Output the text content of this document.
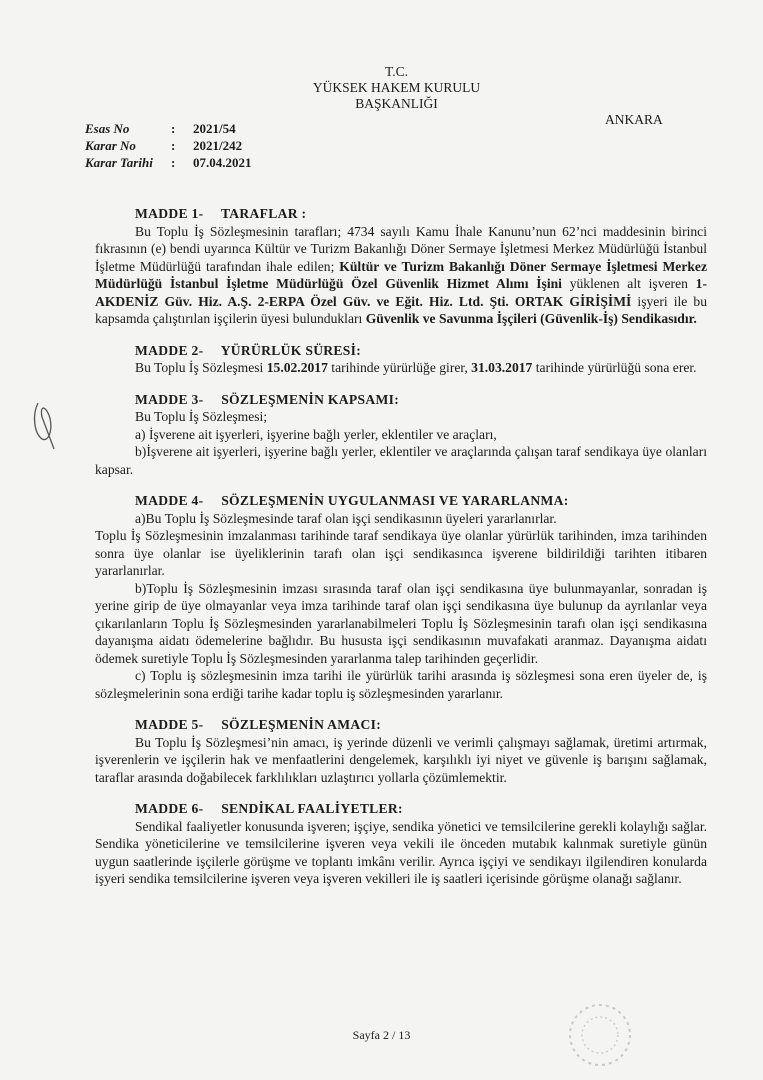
T.C.
YÜKSEK HAKEM KURULU
BAŞKANLIĞI
ANKARA
Esas No	:	2021/54
Karar No	:	2021/242
Karar Tarihi	:	07.04.2021
MADDE 1- TARAFLAR :

Bu Toplu İş Sözleşmesinin tarafları; 4734 sayılı Kamu İhale Kanunu’nun 62’nci maddesinin birinci fıkrasının (e) bendi uyarınca Kültür ve Turizm Bakanlığı Döner Sermaye İşletmesi Merkez Müdürlüğü İstanbul İşletme Müdürlüğü tarafından ihale edilen; Kültür ve Turizm Bakanlığı Döner Sermaye İşletmesi Merkez Müdürlüğü İstanbul İşletme Müdürlüğü Özel Güvenlik Hizmet Alımı İşini yüklenen alt işveren 1-AKDENİZ Güv. Hiz. A.Ş. 2-ERPA Özel Güv. ve Eğit. Hiz. Ltd. Şti. ORTAK GİRİŞİMİ işyeri ile bu kapsamda çalıştırılan işçilerin üyesi bulundukları Güvenlik ve Savunma İşçileri (Güvenlik-İş) Sendikasıdır.

MADDE 2- YÜRÜRLÜK SÜRESİ:

Bu Toplu İş Sözleşmesi 15.02.2017 tarihinde yürürlüğe girer, 31.03.2017 tarihinde yürürlüğü sona erer.

MADDE 3- SÖZLEŞMENİN KAPSAMI:

Bu Toplu İş Sözleşmesi;

a) İşverene ait işyerleri, işyerine bağlı yerler, eklentiler ve araçları,

b)İşverene ait işyerleri, işyerine bağlı yerler, eklentiler ve araçlarında çalışan taraf sendikaya üye olanları kapsar.

MADDE 4- SÖZLEŞMENİN UYGULANMASI VE YARARLANMA:

a)Bu Toplu İş Sözleşmesinde taraf olan işçi sendikasının üyeleri yararlanırlar.

Toplu İş Sözleşmesinin imzalanması tarihinde taraf sendikaya üye olanlar yürürlük tarihinden, imza tarihinden sonra üye olanlar ise üyeliklerinin tarafı olan işçi sendikasınca işverene bildirildiği tarihten itibaren yararlanırlar.

b)Toplu İş Sözleşmesinin imzası sırasında taraf olan işçi sendikasına üye bulunmayanlar, sonradan iş yerine girip de üye olmayanlar veya imza tarihinde taraf olan işçi sendikasına üye bulunup da ayrılanlar veya çıkarılanların Toplu İş Sözleşmesinden yararlanabilmeleri Toplu İş Sözleşmesinin tarafı olan işçi sendikasına dayanışma aidatı ödemelerine bağlıdır. Bu hususta işçi sendikasının muvafakati aranmaz. Dayanışma aidatı ödemek suretiyle Toplu İş Sözleşmesinden yararlanma talep tarihinden geçerlidir.

c) Toplu iş sözleşmesinin imza tarihi ile yürürlük tarihi arasında iş sözleşmesi sona eren üyeler de, iş sözleşmelerinin sona erdiği tarihe kadar toplu iş sözleşmesinden yararlanır.

MADDE 5- SÖZLEŞMENİN AMACI:

Bu Toplu İş Sözleşmesi’nin amacı, iş yerinde düzenli ve verimli çalışmayı sağlamak, üretimi artırmak, işverenlerin ve işçilerin hak ve menfaatlerini dengelemek, karşılıklı iyi niyet ve güvenle iş barışını sağlamak, taraflar arasında doğabilecek farklılıkları uzlaştırıcı yollarla çözümlemektir.

MADDE 6- SENDİKAL FAALİYETLER:

Sendikal faaliyetler konusunda işveren; işçiye, sendika yönetici ve temsilcilerine gerekli kolaylığı sağlar. Sendika yöneticilerine ve temsilcilerine işveren veya vekili ile önceden mutabık kalınmak suretiyle günün uygun saatlerinde işçilerle görüşme ve toplantı imkânı verilir. Ayrıca işçiyi ve sendikayı ilgilendiren konularda işyeri sendika temsilcilerine işveren veya işveren vekilleri ile iş saatleri içerisinde görüşme olanağı sağlanır.

Sayfa 2 / 13
